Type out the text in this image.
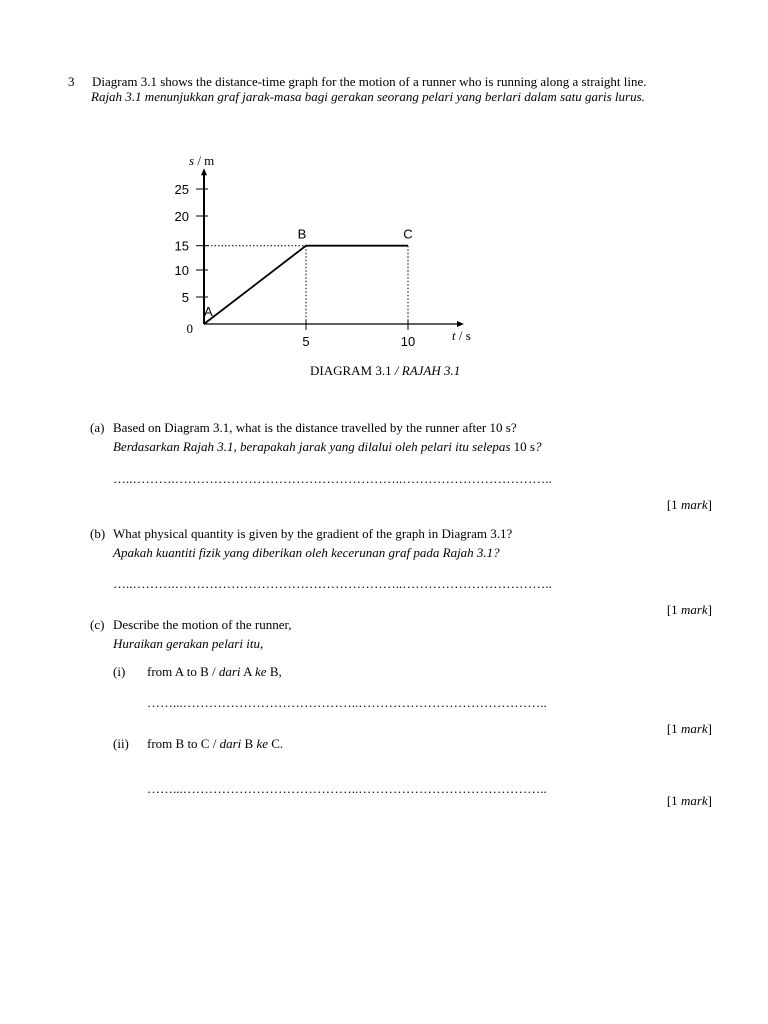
3 Diagram 3.1 shows the distance-time graph for the motion of a runner who is running along a straight line.
Rajah 3.1 menunjukkan graf jarak-masa bagi gerakan seorang pelari yang berlari dalam satu garis lurus.
s / m
t / s
0
5
10
15
20
25
5	10
A
B	C
DIAGRAM 3.1 / RAJAH 3.1
(a) Based on Diagram 3.1, what is the distance travelled by the runner after 10 s?
Berdasarkan Rajah 3.1, berapakah jarak yang dilalui oleh pelari itu selepas 10 s?
…..……….……………………………………………..……………………………..
[1 mark]
(b) What physical quantity is given by the gradient of the graph in Diagram 3.1?
Apakah kuantiti fizik yang diberikan oleh kecerunan graf pada Rajah 3.1?
…..……….……………………………………………..……………………………..
[1 mark]
(c) Describe the motion of the runner,
Huraikan gerakan pelari itu,
(i) from A to B / dari A ke B,
……...…………………………………..……………………………………..
[1 mark]
(ii) from B to C / dari B ke C.
……...…………………………………..……………………………………..
[1 mark]
